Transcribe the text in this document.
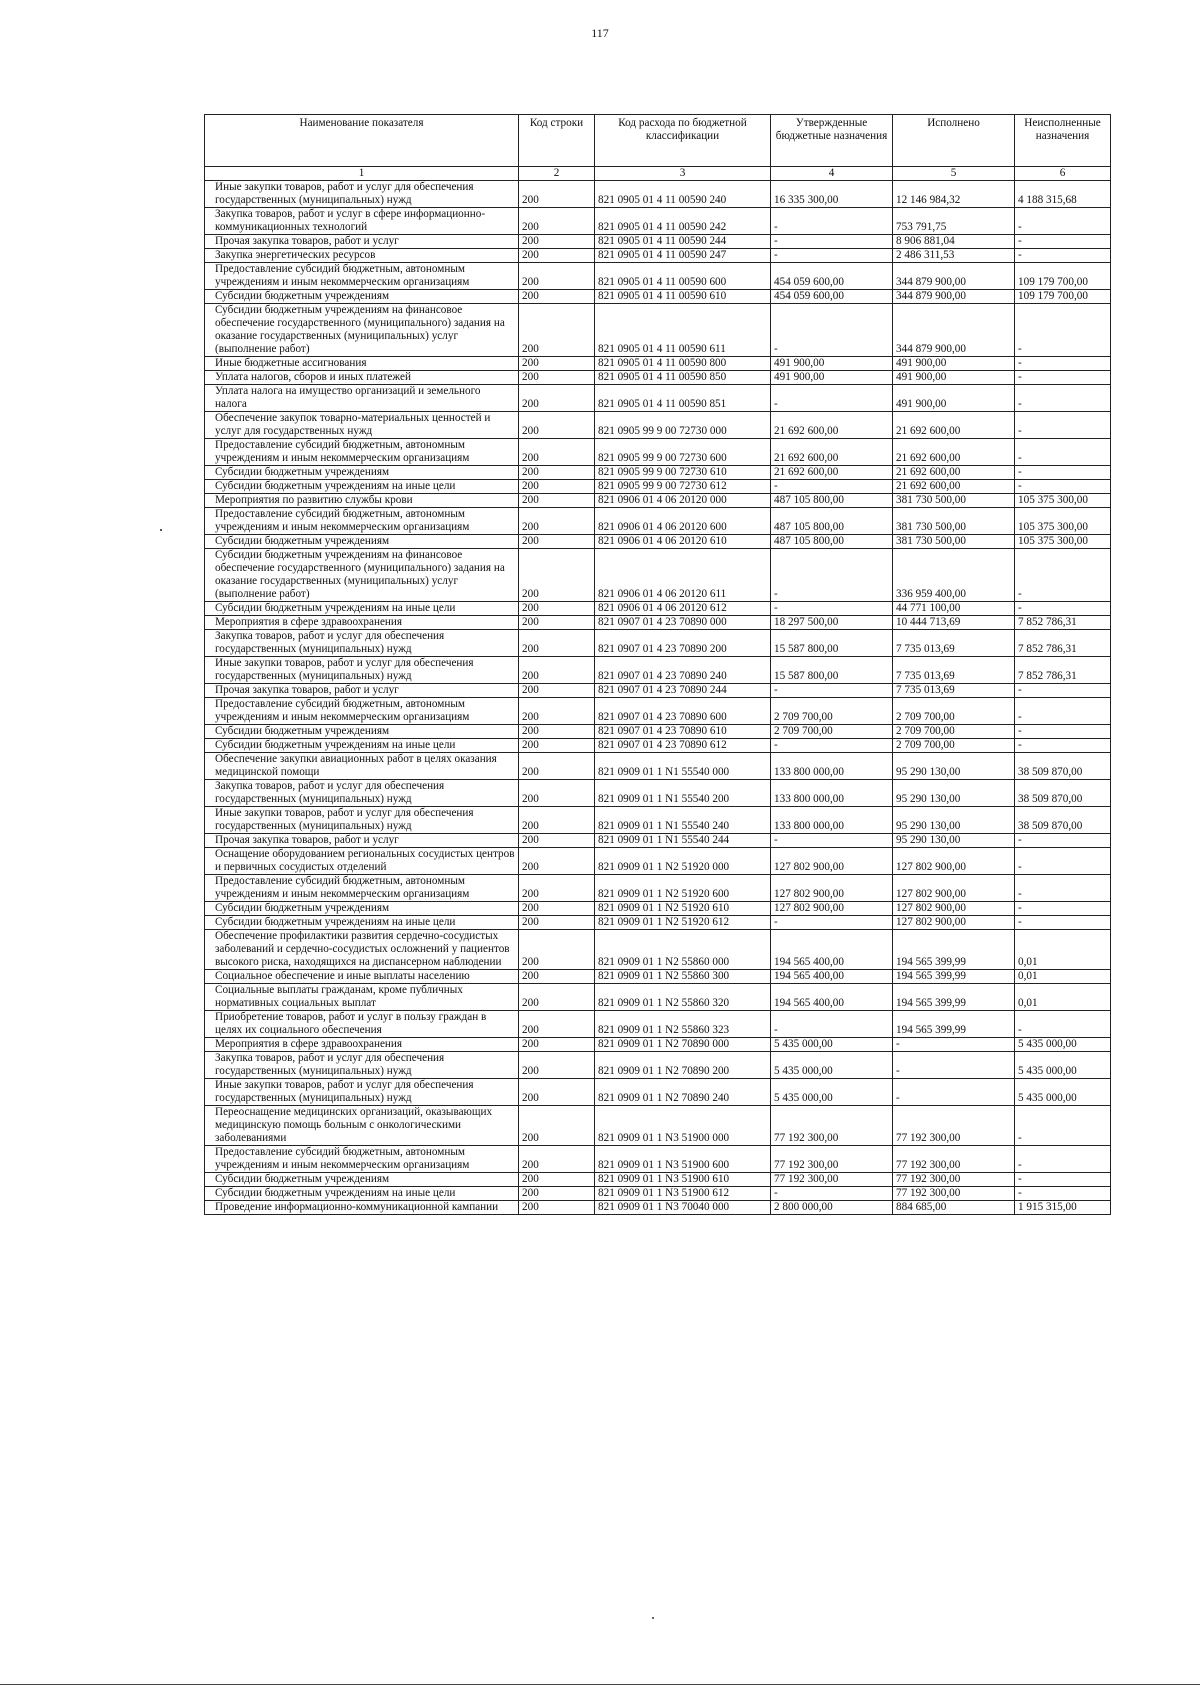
117
Наименование показателя	Код строки	Код расхода по бюджетной классификации	Утвержденные бюджетные назначения	Исполнено	Неисполненные назначения
1	2	3	4	5	6
Иные закупки товаров, работ и услуг для обеспечения государственных (муниципальных) нужд	200	821 0905 01 4 11 00590 240	16 335 300,00	12 146 984,32	4 188 315,68
Закупка товаров, работ и услуг в сфере информационно-коммуникационных технологий	200	821 0905 01 4 11 00590 242	-	753 791,75	-
Прочая закупка товаров, работ и услуг	200	821 0905 01 4 11 00590 244	-	8 906 881,04	-
Закупка энергетических ресурсов	200	821 0905 01 4 11 00590 247	-	2 486 311,53	-
Предоставление субсидий бюджетным, автономным учреждениям и иным некоммерческим организациям	200	821 0905 01 4 11 00590 600	454 059 600,00	344 879 900,00	109 179 700,00
Субсидии бюджетным учреждениям	200	821 0905 01 4 11 00590 610	454 059 600,00	344 879 900,00	109 179 700,00
Субсидии бюджетным учреждениям на финансовое обеспечение государственного (муниципального) задания на оказание государственных (муниципальных) услуг (выполнение работ)	200	821 0905 01 4 11 00590 611	-	344 879 900,00	-
Иные бюджетные ассигнования	200	821 0905 01 4 11 00590 800	491 900,00	491 900,00	-
Уплата налогов, сборов и иных платежей	200	821 0905 01 4 11 00590 850	491 900,00	491 900,00	-
Уплата налога на имущество организаций и земельного налога	200	821 0905 01 4 11 00590 851	-	491 900,00	-
Обеспечение закупок товарно-материальных ценностей и услуг для государственных нужд	200	821 0905 99 9 00 72730 000	21 692 600,00	21 692 600,00	-
Предоставление субсидий бюджетным, автономным учреждениям и иным некоммерческим организациям	200	821 0905 99 9 00 72730 600	21 692 600,00	21 692 600,00	-
Субсидии бюджетным учреждениям	200	821 0905 99 9 00 72730 610	21 692 600,00	21 692 600,00	-
Субсидии бюджетным учреждениям на иные цели	200	821 0905 99 9 00 72730 612	-	21 692 600,00	-
Мероприятия по развитию службы крови	200	821 0906 01 4 06 20120 000	487 105 800,00	381 730 500,00	105 375 300,00
Предоставление субсидий бюджетным, автономным учреждениям и иным некоммерческим организациям	200	821 0906 01 4 06 20120 600	487 105 800,00	381 730 500,00	105 375 300,00
Субсидии бюджетным учреждениям	200	821 0906 01 4 06 20120 610	487 105 800,00	381 730 500,00	105 375 300,00
Субсидии бюджетным учреждениям на финансовое обеспечение государственного (муниципального) задания на оказание государственных (муниципальных) услуг (выполнение работ)	200	821 0906 01 4 06 20120 611	-	336 959 400,00	-
Субсидии бюджетным учреждениям на иные цели	200	821 0906 01 4 06 20120 612	-	44 771 100,00	-
Мероприятия в сфере здравоохранения	200	821 0907 01 4 23 70890 000	18 297 500,00	10 444 713,69	7 852 786,31
Закупка товаров, работ и услуг для обеспечения государственных (муниципальных) нужд	200	821 0907 01 4 23 70890 200	15 587 800,00	7 735 013,69	7 852 786,31
Иные закупки товаров, работ и услуг для обеспечения государственных (муниципальных) нужд	200	821 0907 01 4 23 70890 240	15 587 800,00	7 735 013,69	7 852 786,31
Прочая закупка товаров, работ и услуг	200	821 0907 01 4 23 70890 244	-	7 735 013,69	-
Предоставление субсидий бюджетным, автономным учреждениям и иным некоммерческим организациям	200	821 0907 01 4 23 70890 600	2 709 700,00	2 709 700,00	-
Субсидии бюджетным учреждениям	200	821 0907 01 4 23 70890 610	2 709 700,00	2 709 700,00	-
Субсидии бюджетным учреждениям на иные цели	200	821 0907 01 4 23 70890 612	-	2 709 700,00	-
Обеспечение закупки авиационных работ в целях оказания медицинской помощи	200	821 0909 01 1 N1 55540 000	133 800 000,00	95 290 130,00	38 509 870,00
Закупка товаров, работ и услуг для обеспечения государственных (муниципальных) нужд	200	821 0909 01 1 N1 55540 200	133 800 000,00	95 290 130,00	38 509 870,00
Иные закупки товаров, работ и услуг для обеспечения государственных (муниципальных) нужд	200	821 0909 01 1 N1 55540 240	133 800 000,00	95 290 130,00	38 509 870,00
Прочая закупка товаров, работ и услуг	200	821 0909 01 1 N1 55540 244	-	95 290 130,00	-
Оснащение оборудованием региональных сосудистых центров и первичных сосудистых отделений	200	821 0909 01 1 N2 51920 000	127 802 900,00	127 802 900,00	-
Предоставление субсидий бюджетным, автономным учреждениям и иным некоммерческим организациям	200	821 0909 01 1 N2 51920 600	127 802 900,00	127 802 900,00	-
Субсидии бюджетным учреждениям	200	821 0909 01 1 N2 51920 610	127 802 900,00	127 802 900,00	-
Субсидии бюджетным учреждениям на иные цели	200	821 0909 01 1 N2 51920 612	-	127 802 900,00	-
Обеспечение профилактики развития сердечно-сосудистых заболеваний и сердечно-сосудистых осложнений у пациентов высокого риска, находящихся на диспансерном наблюдении	200	821 0909 01 1 N2 55860 000	194 565 400,00	194 565 399,99	0,01
Социальное обеспечение и иные выплаты населению	200	821 0909 01 1 N2 55860 300	194 565 400,00	194 565 399,99	0,01
Социальные выплаты гражданам, кроме публичных нормативных социальных выплат	200	821 0909 01 1 N2 55860 320	194 565 400,00	194 565 399,99	0,01
Приобретение товаров, работ и услуг в пользу граждан в целях их социального обеспечения	200	821 0909 01 1 N2 55860 323	-	194 565 399,99	-
Мероприятия в сфере здравоохранения	200	821 0909 01 1 N2 70890 000	5 435 000,00	-	5 435 000,00
Закупка товаров, работ и услуг для обеспечения государственных (муниципальных) нужд	200	821 0909 01 1 N2 70890 200	5 435 000,00	-	5 435 000,00
Иные закупки товаров, работ и услуг для обеспечения государственных (муниципальных) нужд	200	821 0909 01 1 N2 70890 240	5 435 000,00	-	5 435 000,00
Переоснащение медицинских организаций, оказывающих медицинскую помощь больным с онкологическими заболеваниями	200	821 0909 01 1 N3 51900 000	77 192 300,00	77 192 300,00	-
Предоставление субсидий бюджетным, автономным учреждениям и иным некоммерческим организациям	200	821 0909 01 1 N3 51900 600	77 192 300,00	77 192 300,00	-
Субсидии бюджетным учреждениям	200	821 0909 01 1 N3 51900 610	77 192 300,00	77 192 300,00	-
Субсидии бюджетным учреждениям на иные цели	200	821 0909 01 1 N3 51900 612	-	77 192 300,00	-
Проведение информационно-коммуникационной кампании	200	821 0909 01 1 N3 70040 000	2 800 000,00	884 685,00	1 915 315,00
